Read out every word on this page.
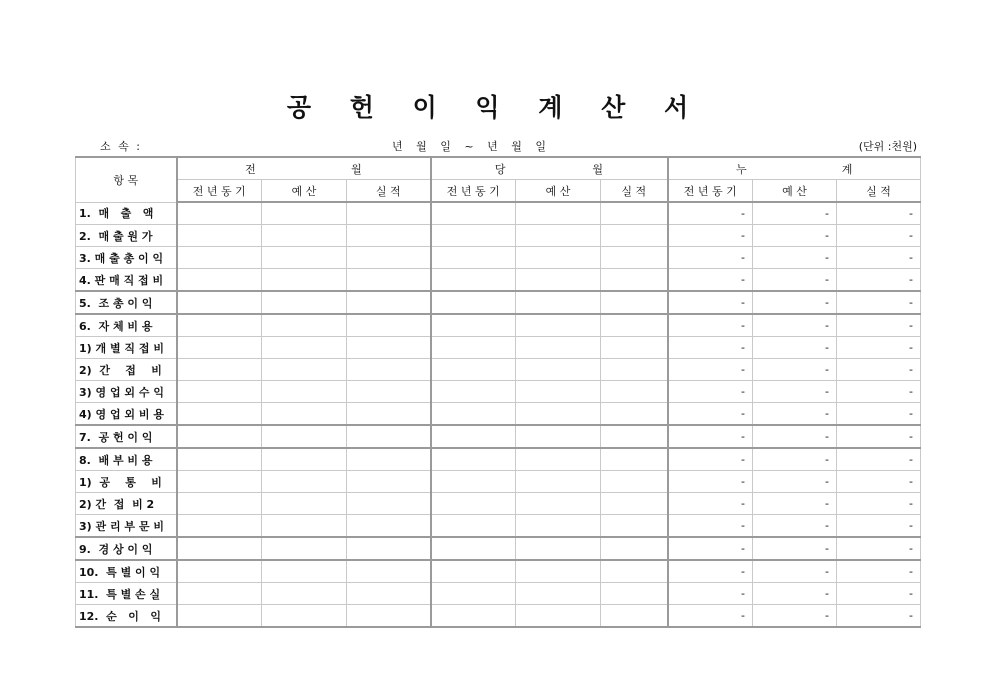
공 헌 이 익 계 산 서
소 속 :	년 월 일 ~ 년 월 일	(단위 :천원)
항 목	전 월			당 월			누 계		

	전 년 동 기	예 산	실 적	전 년 동 기	예 산	실 적	전 년 동 기	예 산	실 적
1.  매   출   액							-	-	-
2.  매 출 원 가							-	-	-
3. 매 출 총 이 익							-	-	-
4. 판 매 직 접 비							-	-	-
5.  조 총 이 익							-	-	-
6.  자 체 비 용							-	-	-
1) 개 별 직 접 비							-	-	-
2)  간    접    비							-	-	-
3) 영 업 외 수 익							-	-	-
4) 영 업 외 비 용							-	-	-
7.  공 헌 이 익							-	-	-
8.  배 부 비 용							-	-	-
1)  공    통    비							-	-	-
2) 간  접  비 2							-	-	-
3) 관 리 부 문 비							-	-	-
9.  경 상 이 익							-	-	-
10.  특 별 이 익							-	-	-
11.  특 별 손 실							-	-	-
12.  순   이   익							-	-	-
